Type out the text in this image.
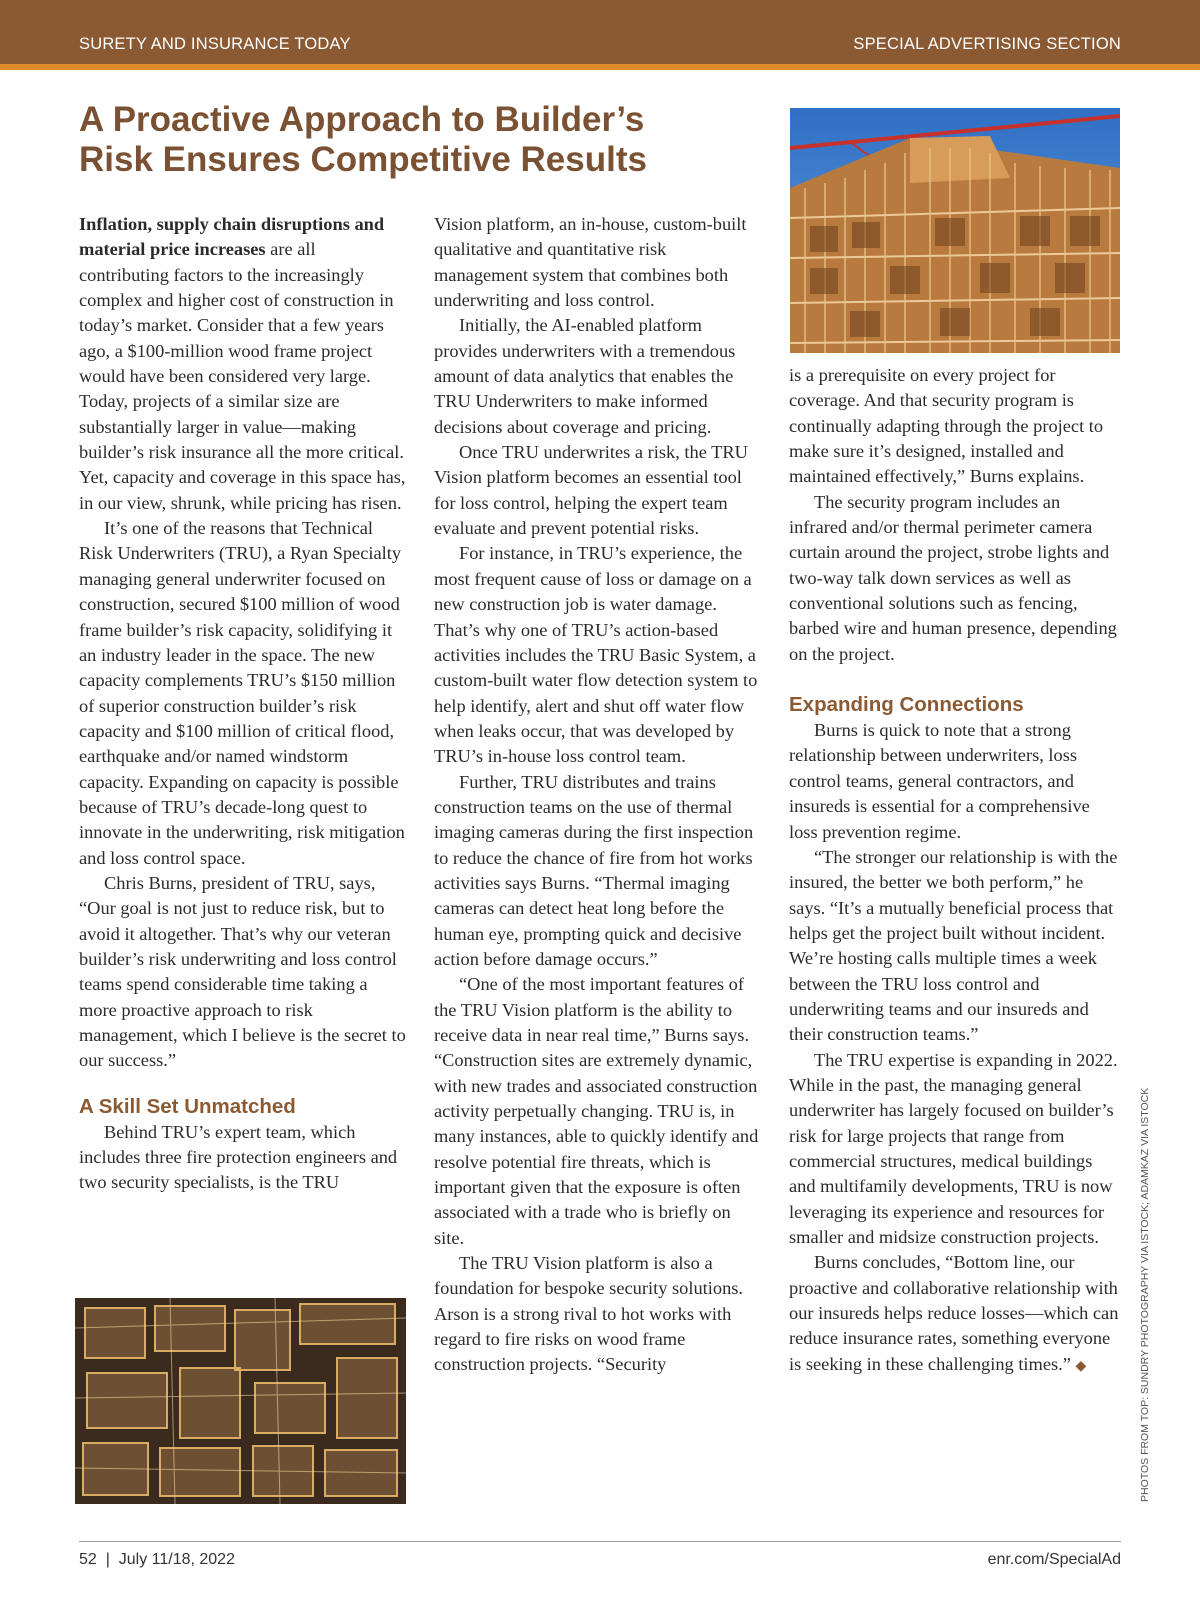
SURETY AND INSURANCE TODAY	SPECIAL ADVERTISING SECTION
A Proactive Approach to Builder’s
Risk Ensures Competitive Results

Inflation, supply chain disruptions and material price increases are all contributing factors to the increasingly complex and higher cost of construction in today’s market. Consider that a few years ago, a $100-million wood frame project would have been considered very large. Today, projects of a similar size are substantially larger in value—making builder’s risk insurance all the more critical. Yet, capacity and coverage in this space has, in our view, shrunk, while pricing has risen.

It’s one of the reasons that Technical Risk Underwriters (TRU), a Ryan Specialty managing general underwriter focused on construction, secured $100 million of wood frame builder’s risk capacity, solidifying it an industry leader in the space. The new capacity complements TRU’s $150 million of superior construction builder’s risk capacity and $100 million of critical flood, earthquake and/or named windstorm capacity. Expanding on capacity is possible because of TRU’s decade-long quest to innovate in the underwriting, risk mitigation and loss control space.

Chris Burns, president of TRU, says, “Our goal is not just to reduce risk, but to avoid it altogether. That’s why our veteran builder’s risk underwriting and loss control teams spend considerable time taking a more proactive approach to risk management, which I believe is the secret to our success.”

A Skill Set Unmatched

Behind TRU’s expert team, which includes three fire protection engineers and two security specialists, is the TRU

Vision platform, an in-house, custom-built qualitative and quantitative risk management system that combines both underwriting and loss control.

Initially, the AI-enabled platform provides underwriters with a tremendous amount of data analytics that enables the TRU Underwriters to make informed decisions about coverage and pricing.

Once TRU underwrites a risk, the TRU Vision platform becomes an essential tool for loss control, helping the expert team evaluate and prevent potential risks.

For instance, in TRU’s experience, the most frequent cause of loss or damage on a new construction job is water damage. That’s why one of TRU’s action-based activities includes the TRU Basic System, a custom-built water flow detection system to help identify, alert and shut off water flow when leaks occur, that was developed by TRU’s in-house loss control team.

Further, TRU distributes and trains construction teams on the use of thermal imaging cameras during the first inspection to reduce the chance of fire from hot works activities says Burns. “Thermal imaging cameras can detect heat long before the human eye, prompting quick and decisive action before damage occurs.”

“One of the most important features of the TRU Vision platform is the ability to receive data in near real time,” Burns says. “Construction sites are extremely dynamic, with new trades and associated construction activity perpetually changing. TRU is, in many instances, able to quickly identify and resolve potential fire threats, which is important given that the exposure is often associated with a trade who is briefly on site.

The TRU Vision platform is also a foundation for bespoke security solutions. Arson is a strong rival to hot works with regard to fire risks on wood frame construction projects. “Security

is a prerequisite on every project for coverage. And that security program is continually adapting through the project to make sure it’s designed, installed and maintained effectively,” Burns explains.

The security program includes an infrared and/or thermal perimeter camera curtain around the project, strobe lights and two-way talk down services as well as conventional solutions such as fencing, barbed wire and human presence, depending on the project.

Expanding Connections

Burns is quick to note that a strong relationship between underwriters, loss control teams, general contractors, and insureds is essential for a comprehensive loss prevention regime.

“The stronger our relationship is with the insured, the better we both perform,” he says. “It’s a mutually beneficial process that helps get the project built without incident. We’re hosting calls multiple times a week between the TRU loss control and underwriting teams and our insureds and their construction teams.”

The TRU expertise is expanding in 2022. While in the past, the managing general underwriter has largely focused on builder’s risk for large projects that range from commercial structures, medical buildings and multifamily developments, TRU is now leveraging its experience and resources for smaller and midsize construction projects.

Burns concludes, “Bottom line, our proactive and collaborative relationship with our insureds helps reduce losses—which can reduce insurance rates, something everyone is seeking in these challenging times.” ◆	PHOTOS FROM TOP: SUNDRY PHOTOGRAPHY VIA ISTOCK; ADAMKAZ VIA ISTOCK
52  |  July 11/18, 2022	enr.com/SpecialAd
